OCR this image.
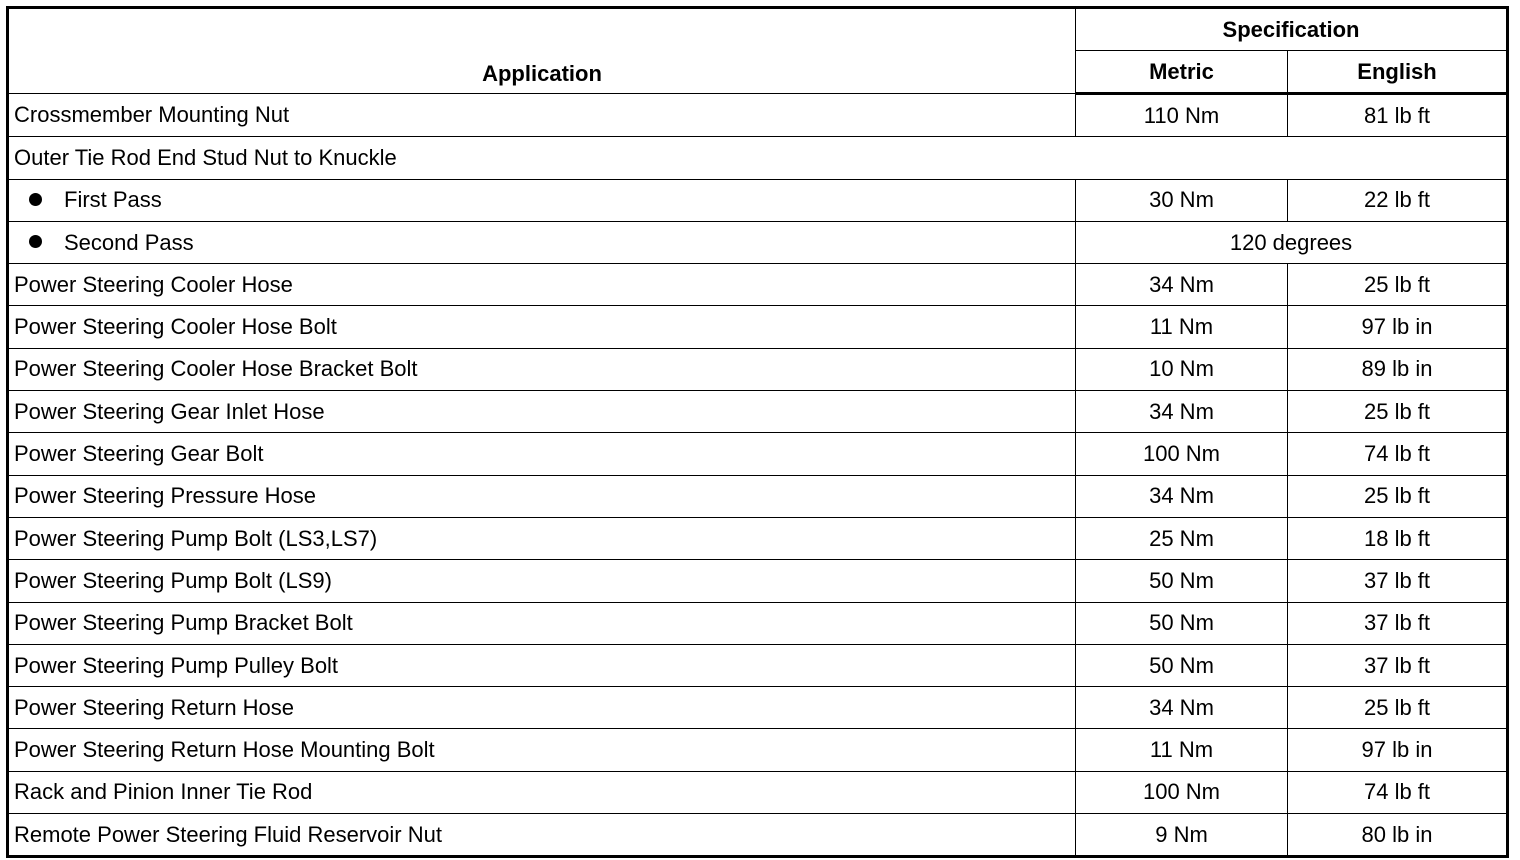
Application	Specification	
	Metric	English
Crossmember Mounting Nut	110 Nm	81 lb ft
Outer Tie Rod End Stud Nut to Knuckle		
First Pass	30 Nm	22 lb ft
Second Pass	120 degrees	
Power Steering Cooler Hose	34 Nm	25 lb ft
Power Steering Cooler Hose Bolt	11 Nm	97 lb in
Power Steering Cooler Hose Bracket Bolt	10 Nm	89 lb in
Power Steering Gear Inlet Hose	34 Nm	25 lb ft
Power Steering Gear Bolt	100 Nm	74 lb ft
Power Steering Pressure Hose	34 Nm	25 lb ft
Power Steering Pump Bolt (LS3,LS7)	25 Nm	18 lb ft
Power Steering Pump Bolt (LS9)	50 Nm	37 lb ft
Power Steering Pump Bracket Bolt	50 Nm	37 lb ft
Power Steering Pump Pulley Bolt	50 Nm	37 lb ft
Power Steering Return Hose	34 Nm	25 lb ft
Power Steering Return Hose Mounting Bolt	11 Nm	97 lb in
Rack and Pinion Inner Tie Rod	100 Nm	74 lb ft
Remote Power Steering Fluid Reservoir Nut	9 Nm	80 lb in
